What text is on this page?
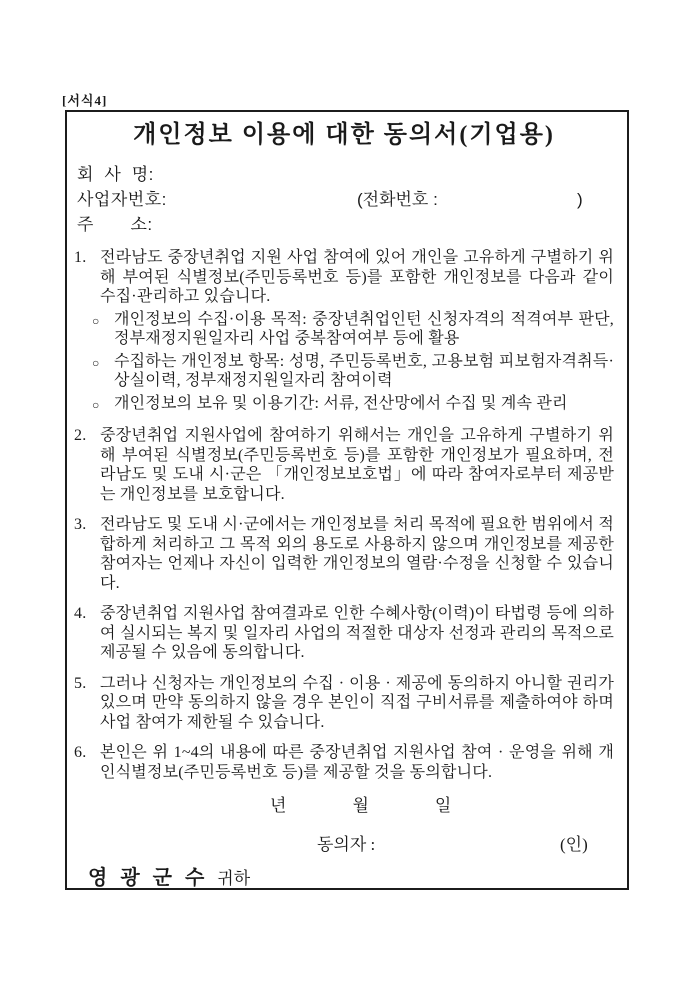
[서식4]
개인정보 이용에 대한 동의서(기업용)
회  사  명:
사업자번호:	(전화번호 :	)
주       소:
1. 전라남도 중장년취업 지원 사업 참여에 있어 개인을 고유하게 구별하기 위해 부여된 식별정보(주민등록번호 등)를 포함한 개인정보를 다음과 같이 수집·관리하고 있습니다.
○ 개인정보의 수집·이용 목적: 중장년취업인턴 신청자격의 적격여부 판단, 정부재정지원일자리 사업 중복참여여부 등에 활용
○ 수집하는 개인정보 항목: 성명, 주민등록번호, 고용보험 피보험자격취득·상실이력, 정부재정지원일자리 참여이력
○ 개인정보의 보유 및 이용기간: 서류, 전산망에서 수집 및 계속 관리
2. 중장년취업 지원사업에 참여하기 위해서는 개인을 고유하게 구별하기 위해 부여된 식별정보(주민등록번호 등)를 포함한 개인정보가 필요하며, 전라남도 및 도내 시·군은 「개인정보보호법」에 따라 참여자로부터 제공받는 개인정보를 보호합니다.
3. 전라남도 및 도내 시·군에서는 개인정보를 처리 목적에 필요한 범위에서 적합하게 처리하고 그 목적 외의 용도로 사용하지 않으며 개인정보를 제공한 참여자는 언제나 자신이 입력한 개인정보의 열람·수정을 신청할 수 있습니다.
4. 중장년취업 지원사업 참여결과로 인한 수혜사항(이력)이 타법령 등에 의하여 실시되는 복지 및 일자리 사업의 적절한 대상자 선정과 관리의 목적으로 제공될 수 있음에 동의합니다.
5. 그러나 신청자는 개인정보의 수집 · 이용 · 제공에 동의하지 아니할 권리가 있으며 만약 동의하지 않을 경우 본인이 직접 구비서류를 제출하여야 하며 사업 참여가 제한될 수 있습니다.
6. 본인은 위 1~4의 내용에 따른 중장년취업 지원사업 참여 · 운영을 위해 개인식별정보(주민등록번호 등)를 제공할 것을 동의합니다.
년	월	일
동의자 :	(인)
영 광 군 수 귀하
